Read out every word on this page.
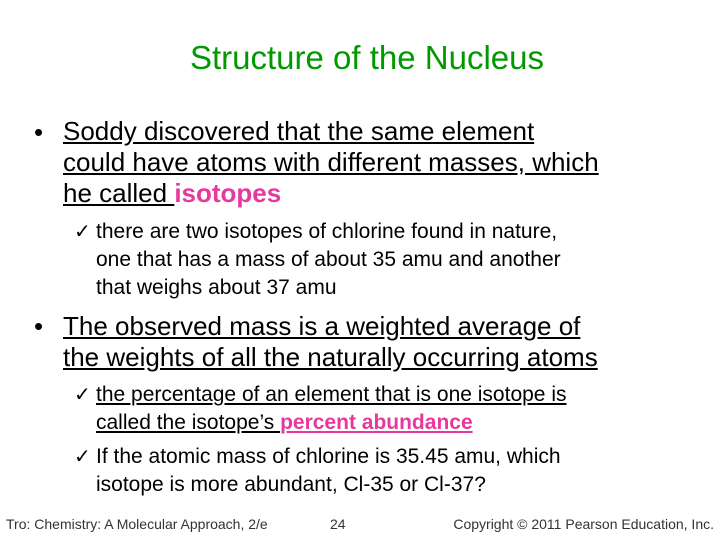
Structure of the Nucleus
• Soddy discovered that the same element
could have atoms with different masses, which
he called isotopes
✓ there are two isotopes of chlorine found in nature,
one that has a mass of about 35 amu and another
that weighs about 37 amu
• The observed mass is a weighted average of
the weights of all the naturally occurring atoms
✓ the percentage of an element that is one isotope is
called the isotope’s percent abundance
✓ If the atomic mass of chlorine is 35.45 amu, which
isotope is more abundant, Cl-35 or Cl-37?
Tro: Chemistry: A Molecular Approach, 2/e	24	Copyright © 2011 Pearson Education, Inc.
